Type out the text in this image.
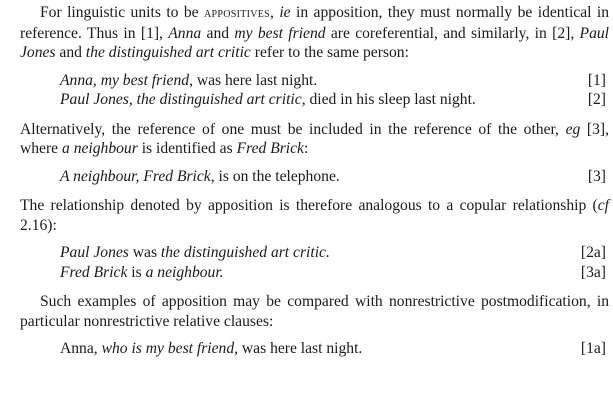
For linguistic units to be appositives, ie in apposition, they must normally be identical in reference. Thus in [1], Anna and my best friend are coreferential, and similarly, in [2], Paul Jones and the distinguished art critic refer to the same person:

Anna, my best friend, was here last night.	[1]
Paul Jones, the distinguished art critic, died in his sleep last night.	[2]

Alternatively, the reference of one must be included in the reference of the other, eg [3], where a neighbour is identified as Fred Brick:

A neighbour, Fred Brick, is on the telephone.	[3]

The relationship denoted by apposition is therefore analogous to a copular relationship (cf 2.16):

Paul Jones was the distinguished art critic.	[2a]
Fred Brick is a neighbour.	[3a]

Such examples of apposition may be compared with nonrestrictive postmodification, in particular nonrestrictive relative clauses:

Anna, who is my best friend, was here last night.	[1a]
